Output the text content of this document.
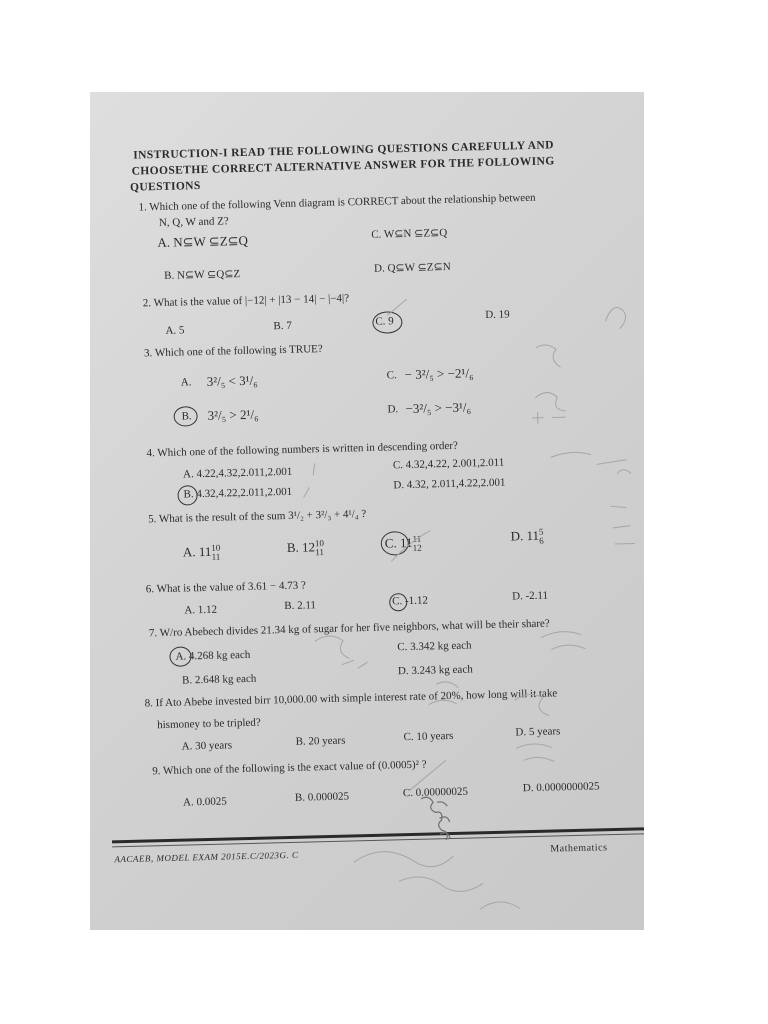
INSTRUCTION-I READ THE FOLLOWING QUESTIONS CAREFULLY AND
CHOOSETHE CORRECT ALTERNATIVE ANSWER FOR THE FOLLOWING
QUESTIONS
1. Which one of the following Venn diagram is CORRECT about the relationship between
N, Q, W and Z?
A. N⊆W ⊆Z⊆Q	C. W⊆N ⊆Z⊆Q
B. N⊆W ⊆Q⊆Z
D. Q⊆W ⊆Z⊆N
2. What is the value of |−12| + |13 − 14| − |−4|?
A. 5	B. 7	C. 9
D. 19
3. Which one of the following is TRUE?
A. 3²/₅ < 3¹/₆	C. − 3²/₅ > −2¹/₆
B. 3²/₅ > 2¹/₆	D. −3²/₅ > −3¹/₆
4. Which one of the following numbers is written in descending order?
A. 4.22,4.32,2.011,2.001
C. 4.32,4.22, 2.001,2.011
B. 4.32,4.22,2.011,2.001
D. 4.32, 2.011,4.22,2.001
5. What is the result of the sum 3¹/₂ + 3²/₃ + 4¹/₄ ?
A. 11 10
11
B. 12 10
11
C. 11 11
12
D. 11 5
6
6. What is the value of 3.61 − 4.73 ?
A. 1.12	B. 2.11	C. -1.12	D. -2.11
7. W/ro Abebech divides 21.34 kg of sugar for her five neighbors, what will be their share?
A. 4.268 kg each
C. 3.342 kg each
B. 2.648 kg each
D. 3.243 kg each
8. If Ato Abebe invested birr 10,000.00 with simple interest rate of 20%, how long will it take
hismoney to be tripled?
A. 30 years	B. 20 years	C. 10 years	D. 5 years
9. Which one of the following is the exact value of (0.0005)² ?
A. 0.0025	B. 0.000025	C. 0.00000025	D. 0.0000000025
AACAEB, MODEL EXAM 2015E.C/2023G. C
Mathematics
